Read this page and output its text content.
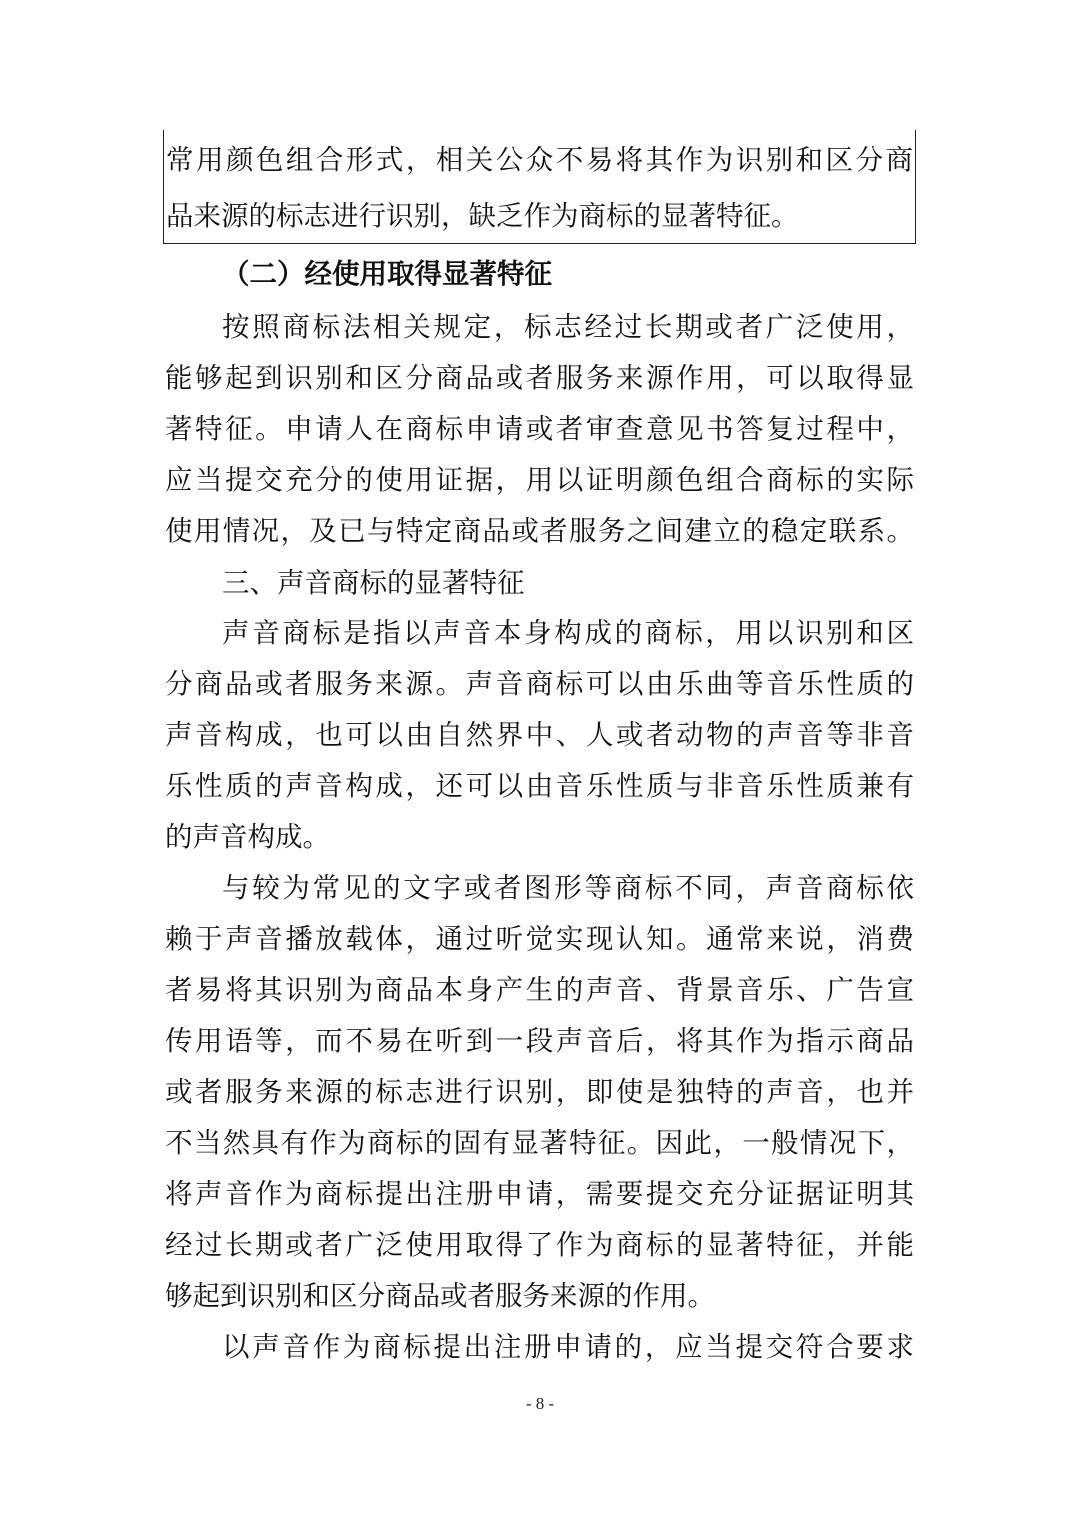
常用颜色组合形式，相关公众不易将其作为识别和区分商
品来源的标志进行识别，缺乏作为商标的显著特征。
（二）经使用取得显著特征
按照商标法相关规定，标志经过长期或者广泛使用，
能够起到识别和区分商品或者服务来源作用，可以取得显
著特征。申请人在商标申请或者审查意见书答复过程中，
应当提交充分的使用证据，用以证明颜色组合商标的实际
使用情况，及已与特定商品或者服务之间建立的稳定联系。
三、声音商标的显著特征
声音商标是指以声音本身构成的商标，用以识别和区
分商品或者服务来源。声音商标可以由乐曲等音乐性质的
声音构成，也可以由自然界中、人或者动物的声音等非音
乐性质的声音构成，还可以由音乐性质与非音乐性质兼有
的声音构成。
与较为常见的文字或者图形等商标不同，声音商标依
赖于声音播放载体，通过听觉实现认知。通常来说，消费
者易将其识别为商品本身产生的声音、背景音乐、广告宣
传用语等，而不易在听到一段声音后，将其作为指示商品
或者服务来源的标志进行识别，即使是独特的声音，也并
不当然具有作为商标的固有显著特征。因此，一般情况下，
将声音作为商标提出注册申请，需要提交充分证据证明其
经过长期或者广泛使用取得了作为商标的显著特征，并能
够起到识别和区分商品或者服务来源的作用。
以声音作为商标提出注册申请的，应当提交符合要求
- 8 -
